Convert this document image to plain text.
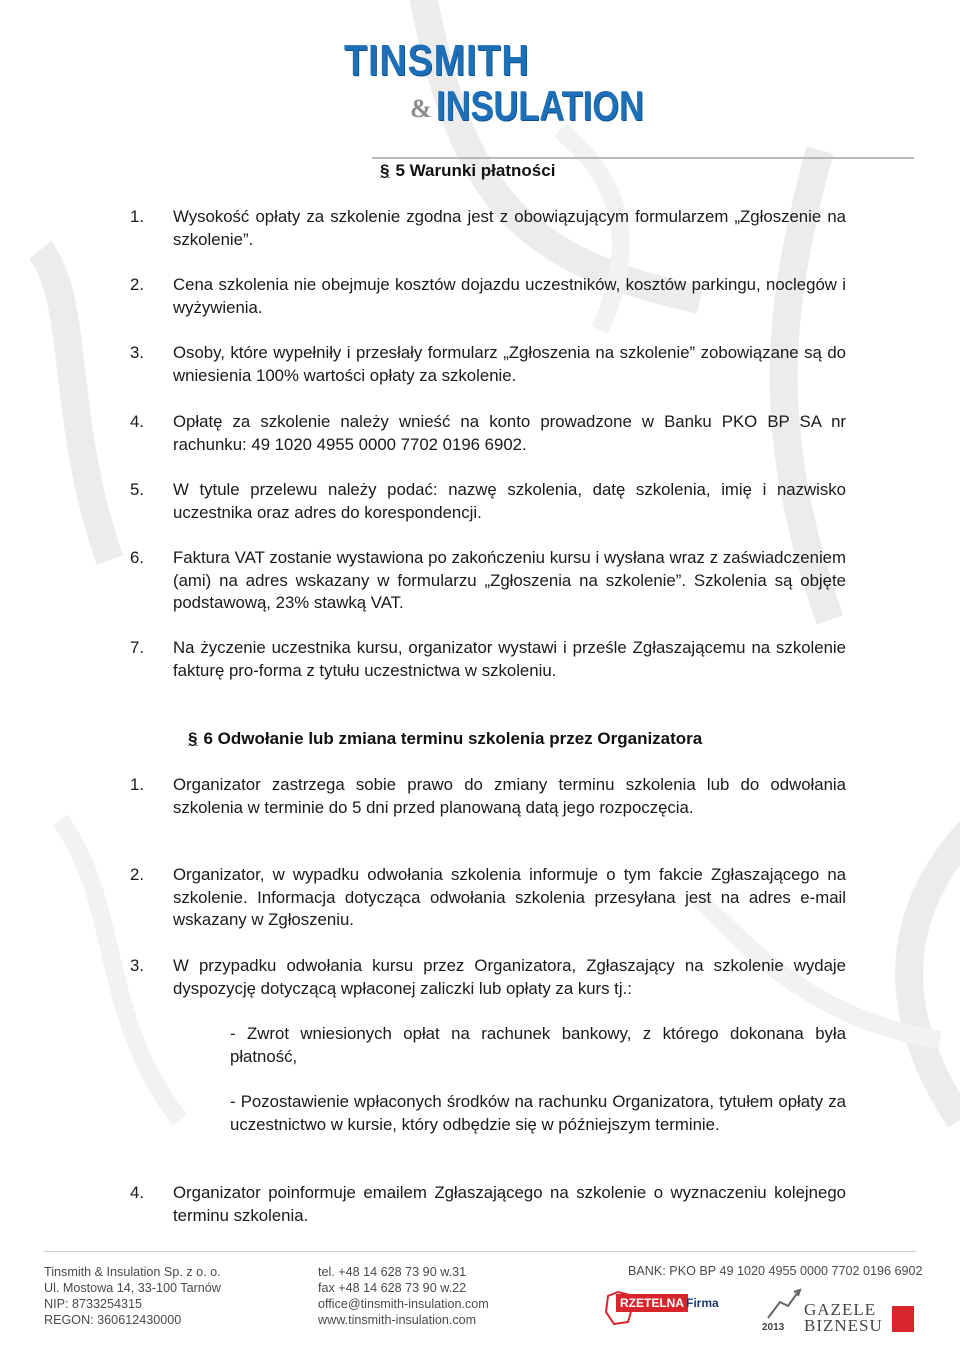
TINSMITH
& INSULATION
§ 5 Warunki płatności
1.	Wysokość opłaty za szkolenie zgodna jest z obowiązującym formularzem „Zgłoszenie na szkolenie”.
2.	Cena szkolenia nie obejmuje kosztów dojazdu uczestników, kosztów parkingu, noclegów i wyżywienia.
3.	Osoby, które wypełniły i przesłały formularz „Zgłoszenia na szkolenie” zobowiązane są do wniesienia 100% wartości opłaty za szkolenie.
4.	Opłatę za szkolenie należy wnieść na konto prowadzone w Banku PKO BP SA nr rachunku: 49 1020 4955 0000 7702 0196 6902.
5.	W tytule przelewu należy podać: nazwę szkolenia, datę szkolenia, imię i nazwisko uczestnika oraz adres do korespondencji.
6.	Faktura VAT zostanie wystawiona po zakończeniu kursu i wysłana wraz z zaświadczeniem (ami) na adres wskazany w formularzu „Zgłoszenia na szkolenie”. Szkolenia są objęte podstawową, 23% stawką VAT.
7.	Na życzenie uczestnika kursu, organizator wystawi i prześle Zgłaszającemu na szkolenie fakturę pro-forma z tytułu uczestnictwa w szkoleniu.
§ 6 Odwołanie lub zmiana terminu szkolenia przez Organizatora
1.	Organizator zastrzega sobie prawo do zmiany terminu szkolenia lub do odwołania szkolenia w terminie do 5 dni przed planowaną datą jego rozpoczęcia.
2.	Organizator, w wypadku odwołania szkolenia informuje o tym fakcie Zgłaszającego na szkolenie. Informacja dotycząca odwołania szkolenia przesyłana jest na adres e-mail wskazany w Zgłoszeniu.
3.	W przypadku odwołania kursu przez Organizatora, Zgłaszający na szkolenie wydaje dyspozycję dotyczącą wpłaconej zaliczki lub opłaty za kurs tj.:
- Zwrot wniesionych opłat na rachunek bankowy, z którego dokonana była płatność,
- Pozostawienie wpłaconych środków na rachunku Organizatora, tytułem opłaty za uczestnictwo w kursie, który odbędzie się w późniejszym terminie.
4.	Organizator poinformuje emailem Zgłaszającego na szkolenie o wyznaczeniu kolejnego terminu szkolenia.
Tinsmith & Insulation Sp. z o. o.
Ul. Mostowa 14, 33-100 Tarnów
NIP: 8733254315
REGON: 360612430000
tel. +48 14 628 73 90 w.31
fax +48 14 628 73 90 w.22
office@tinsmith-insulation.com
www.tinsmith-insulation.com
BANK: PKO BP 49 1020 4955 0000 7702 0196 6902
RZETELNA Firma
2013
GAZELE
BIZNESU
